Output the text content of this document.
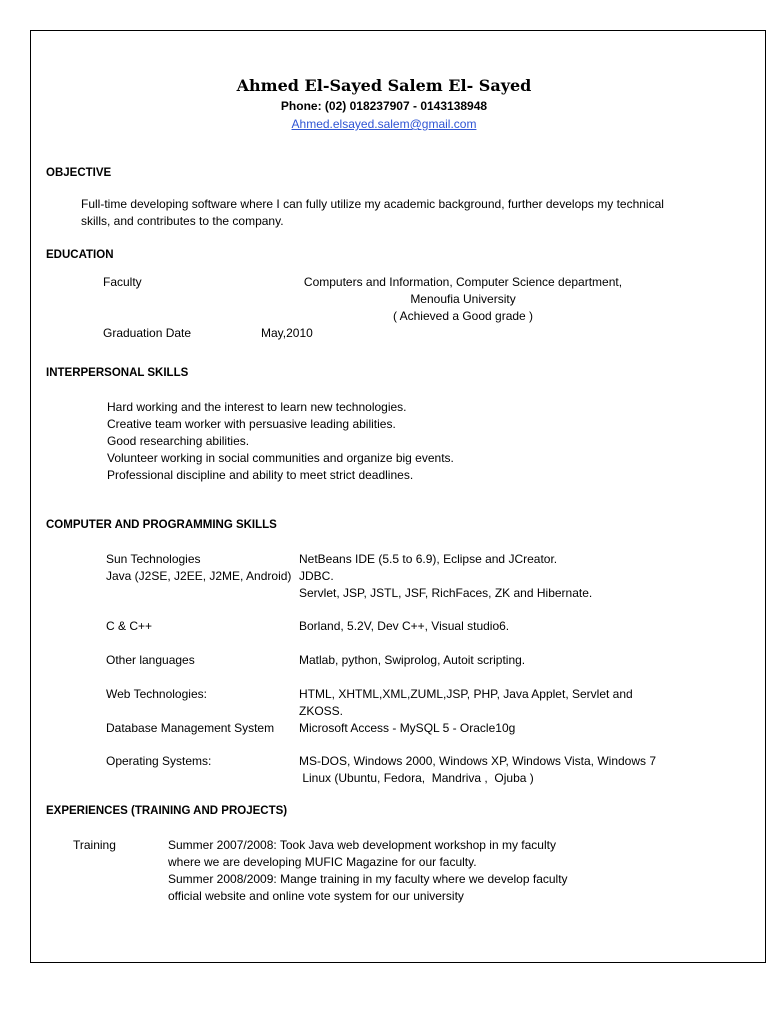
Ahmed El-Sayed Salem El- Sayed
Phone: (02) 018237907 - 0143138948
Ahmed.elsayed.salem@gmail.com
OBJECTIVE
Full-time developing software where I can fully utilize my academic background, further develops my technical
skills, and contributes to the company.
EDUCATION
Faculty	Computers and Information, Computer Science department,
Menoufia University
( Achieved a Good grade )
Graduation Date	May,2010
INTERPERSONAL SKILLS
Hard working and the interest to learn new technologies.
Creative team worker with persuasive leading abilities.
Good researching abilities.
Volunteer working in social communities and organize big events.
Professional discipline and ability to meet strict deadlines.
COMPUTER AND PROGRAMMING SKILLS
Sun Technologies	NetBeans IDE (5.5 to 6.9), Eclipse and JCreator.
Java (J2SE, J2EE, J2ME, Android) JDBC.
Servlet, JSP, JSTL, JSF, RichFaces, ZK and Hibernate.
C & C++	Borland, 5.2V, Dev C++, Visual studio6.
Other languages	Matlab, python, Swiprolog, Autoit scripting.
Web Technologies:	HTML, XHTML,XML,ZUML,JSP, PHP, Java Applet, Servlet and
ZKOSS.
Database Management System Microsoft Access - MySQL 5 - Oracle10g
Operating Systems:	MS-DOS, Windows 2000, Windows XP, Windows Vista, Windows 7
Linux (Ubuntu, Fedora,  Mandriva ,  Ojuba )
EXPERIENCES (TRAINING AND PROJECTS)
Training	Summer 2007/2008: Took Java web development workshop in my faculty
where we are developing MUFIC Magazine for our faculty.
Summer 2008/2009: Mange training in my faculty where we develop faculty
official website and online vote system for our university
